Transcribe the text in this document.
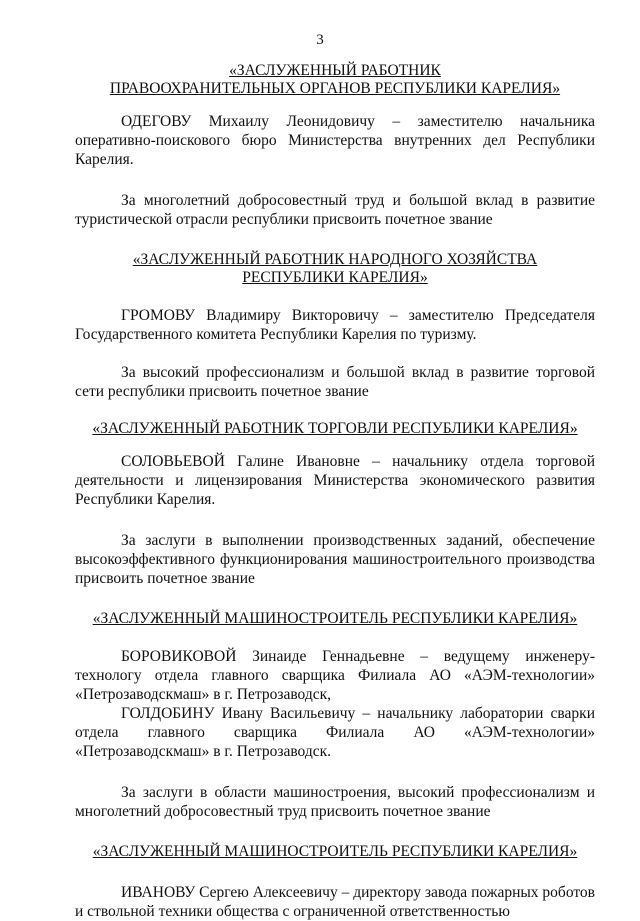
3
«ЗАСЛУЖЕННЫЙ РАБОТНИК
ПРАВООХРАНИТЕЛЬНЫХ ОРГАНОВ РЕСПУБЛИКИ КАРЕЛИЯ»

ОДЕГОВУ Михаилу Леонидовичу – заместителю начальника оперативно-поискового бюро Министерства внутренних дел Республики Карелия.

За многолетний добросовестный труд и большой вклад в развитие туристической отрасли республики присвоить почетное звание

«ЗАСЛУЖЕННЫЙ РАБОТНИК НАРОДНОГО ХОЗЯЙСТВА
РЕСПУБЛИКИ КАРЕЛИЯ»

ГРОМОВУ Владимиру Викторовичу – заместителю Председателя Государственного комитета Республики Карелия по туризму.

За высокий профессионализм и большой вклад в развитие торговой сети республики присвоить почетное звание

«ЗАСЛУЖЕННЫЙ РАБОТНИК ТОРГОВЛИ РЕСПУБЛИКИ КАРЕЛИЯ»

СОЛОВЬЕВОЙ Галине Ивановне – начальнику отдела торговой деятельности и лицензирования Министерства экономического развития Республики Карелия.

За заслуги в выполнении производственных заданий, обеспечение высокоэффективного функционирования машиностроительного производства присвоить почетное звание

«ЗАСЛУЖЕННЫЙ МАШИНОСТРОИТЕЛЬ РЕСПУБЛИКИ КАРЕЛИЯ»

БОРОВИКОВОЙ Зинаиде Геннадьевне – ведущему инженеру-технологу отдела главного сварщика Филиала АО «АЭМ-технологии» «Петрозаводскмаш» в г. Петрозаводск,

ГОЛДОБИНУ Ивану Васильевичу – начальнику лаборатории сварки отдела главного сварщика Филиала АО «АЭМ-технологии» «Петрозаводскмаш» в г. Петрозаводск.

За заслуги в области машиностроения, высокий профессионализм и многолетний добросовестный труд присвоить почетное звание

«ЗАСЛУЖЕННЫЙ МАШИНОСТРОИТЕЛЬ РЕСПУБЛИКИ КАРЕЛИЯ»

ИВАНОВУ Сергею Алексеевичу – директору завода пожарных роботов и ствольной техники общества с ограниченной ответственностью
